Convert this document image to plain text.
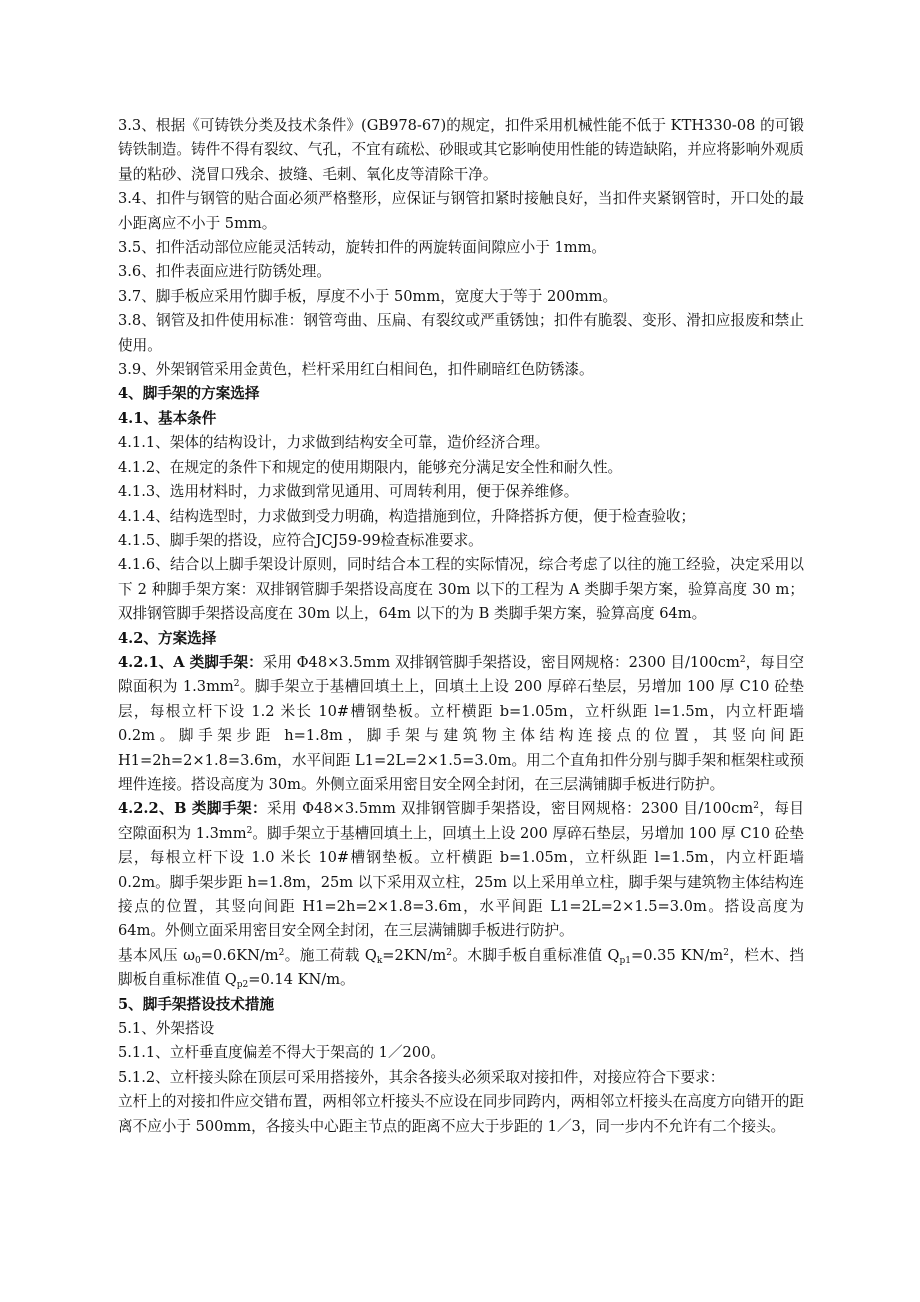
3.3、根据《可铸铁分类及技术条件》(GB978-67)的规定，扣件采用机械性能不低于 KTH330-08 的可锻铸铁制造。铸件不得有裂纹、气孔，不宜有疏松、砂眼或其它影响使用性能的铸造缺陷，并应将影响外观质量的粘砂、浇冒口残余、披缝、毛刺、氧化皮等清除干净。

3.4、扣件与钢管的贴合面必须严格整形，应保证与钢管扣紧时接触良好，当扣件夹紧钢管时，开口处的最小距离应不小于 5mm。

3.5、扣件活动部位应能灵活转动，旋转扣件的两旋转面间隙应小于 1mm。

3.6、扣件表面应进行防锈处理。

3.7、脚手板应采用竹脚手板，厚度不小于 50mm，宽度大于等于 200mm。

3.8、钢管及扣件使用标准：钢管弯曲、压扁、有裂纹或严重锈蚀；扣件有脆裂、变形、滑扣应报废和禁止使用。

3.9、外架钢管采用金黄色，栏杆采用红白相间色，扣件刷暗红色防锈漆。

4、脚手架的方案选择

4.1、基本条件

4.1.1、架体的结构设计，力求做到结构安全可靠，造价经济合理。

4.1.2、在规定的条件下和规定的使用期限内，能够充分满足安全性和耐久性。

4.1.3、选用材料时，力求做到常见通用、可周转利用，便于保养维修。

4.1.4、结构选型时，力求做到受力明确，构造措施到位，升降搭拆方便，便于检查验收；

4.1.5、脚手架的搭设，应符合JCJ59-99检查标准要求。

4.1.6、结合以上脚手架设计原则，同时结合本工程的实际情况，综合考虑了以往的施工经验，决定采用以下 2 种脚手架方案：双排钢管脚手架搭设高度在 30m 以下的工程为 A 类脚手架方案，验算高度 30 m；双排钢管脚手架搭设高度在 30m 以上，64m 以下的为 B 类脚手架方案，验算高度 64m。

4.2、方案选择

4.2.1、A 类脚手架：采用 Φ48×3.5mm 双排钢管脚手架搭设，密目网规格：2300 目$/100cm^2$，每目空隙面积为 $1.3mm^2$。脚手架立于基槽回填土上，回填土上设 200 厚碎石垫层，另增加 100 厚 C10 砼垫层，每根立杆下设 1.2 米长 10#槽钢垫板。立杆横距 b=1.05m，立杆纵距 l=1.5m，内立杆距墙 0.2m。脚手架步距 h=1.8m，脚手架与建筑物主体结构连接点的位置，其竖向间距 H1=2h=2×1.8=3.6m，水平间距 L1=2L=2×1.5=3.0m。用二个直角扣件分别与脚手架和框架柱或预埋件连接。搭设高度为 30m。外侧立面采用密目安全网全封闭，在三层满铺脚手板进行防护。

4.2.2、B 类脚手架：采用 Φ48×3.5mm 双排钢管脚手架搭设，密目网规格：2300 目$/100cm^2$，每目空隙面积为 $1.3mm^2$。脚手架立于基槽回填土上，回填土上设 200 厚碎石垫层，另增加 100 厚 C10 砼垫层，每根立杆下设 1.0 米长 10#槽钢垫板。立杆横距 b=1.05m，立杆纵距 l=1.5m，内立杆距墙 0.2m。脚手架步距 h=1.8m，25m 以下采用双立柱，25m 以上采用单立柱，脚手架与建筑物主体结构连接点的位置，其竖向间距 H1=2h=2×1.8=3.6m，水平间距 L1=2L=2×1.5=3.0m。搭设高度为 64m。外侧立面采用密目安全网全封闭，在三层满铺脚手板进行防护。

基本风压 $\omega_0=0.6KN/m^2$。施工荷载 $Q_k=2KN/m^2$。木脚手板自重标准值 $Q_{p1}=0.35$ $KN/m^2$，栏木、挡脚板自重标准值 $Q_{p2}=0.14$ KN/m。

5、脚手架搭设技术措施

5.1、外架搭设

5.1.1、立杆垂直度偏差不得大于架高的 1／200。

5.1.2、立杆接头除在顶层可采用搭接外，其余各接头必须采取对接扣件，对接应符合下要求：

立杆上的对接扣件应交错布置，两相邻立杆接头不应设在同步同跨内，两相邻立杆接头在高度方向错开的距离不应小于 500mm，各接头中心距主节点的距离不应大于步距的 1／3，同一步内不允许有二个接头。
